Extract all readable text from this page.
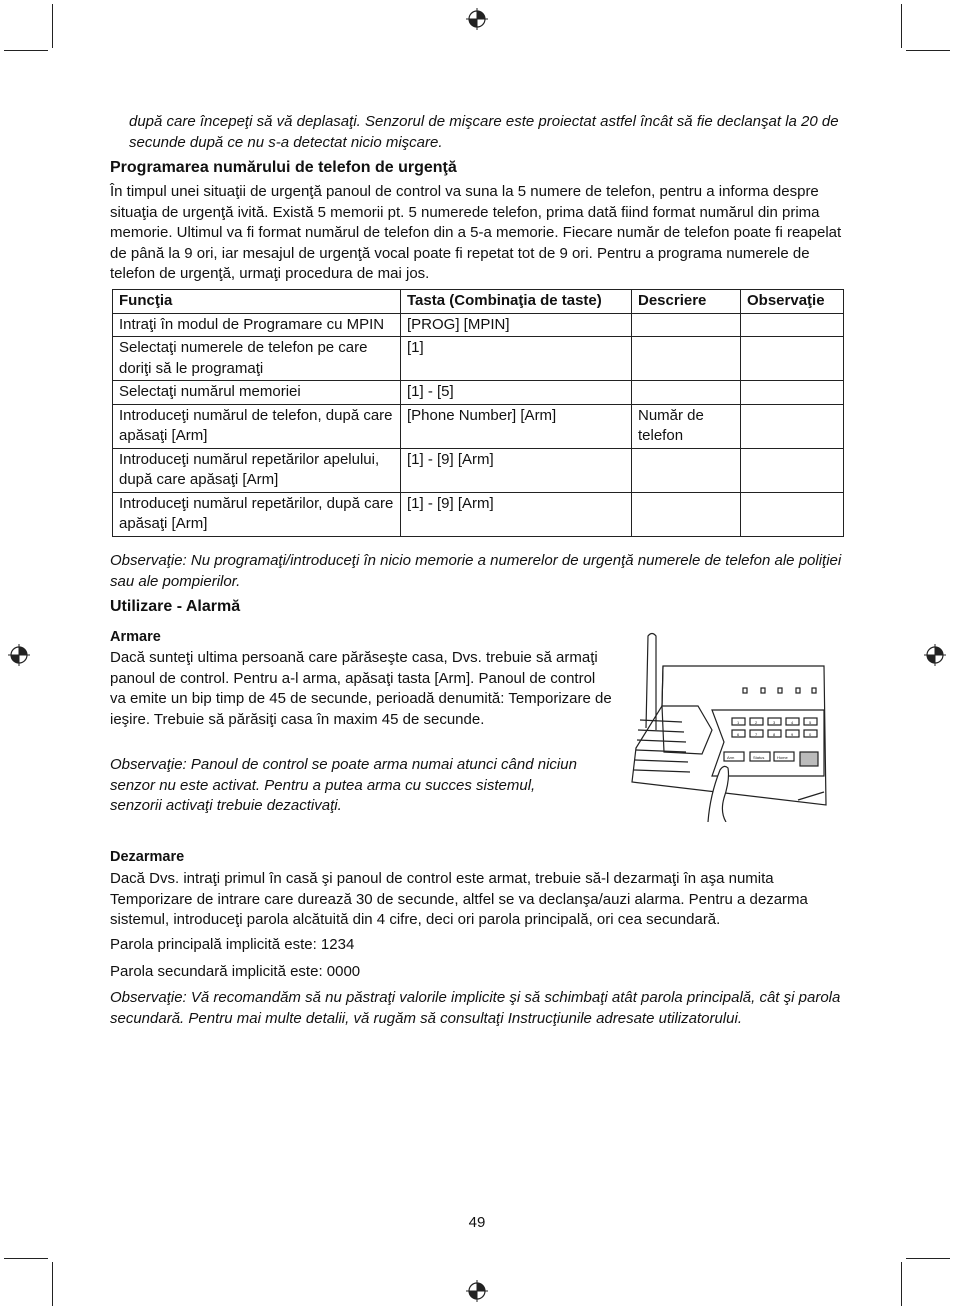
după care începeţi să vă deplasaţi. Senzorul de mişcare este proiectat astfel încât să fie declanşat la 20 de secunde după ce nu s-a detectat nicio mişcare.

Programarea numărului de telefon de urgenţă

În timpul unei situaţii de urgenţă panoul de control va suna la 5 numere de telefon, pentru a informa despre situaţia de urgenţă ivită. Există 5 memorii pt. 5 numerede telefon, prima dată fiind format numărul din prima memorie. Ultimul va fi format numărul de telefon din a 5-a memorie. Fiecare număr de telefon poate fi reapelat de până la 9 ori, iar mesajul de urgenţă vocal poate fi repetat tot de 9 ori. Pentru a programa numerele de telefon de urgenţă, urmaţi procedura de mai jos.

Funcţia	Tasta (Combinaţia de taste)	Descriere	Observaţie
Intraţi în modul de Programare cu MPIN	[PROG] [MPIN]		
Selectaţi numerele de telefon pe care doriţi să le programaţi	[1]		
Selectaţi numărul memoriei	[1] - [5]		
Introduceţi numărul de telefon, după care apăsaţi [Arm]	[Phone Number] [Arm]	Număr de telefon	
Introduceţi numărul repetărilor apelului, după care apăsaţi [Arm]	[1] - [9] [Arm]		
Introduceţi numărul repetărilor, după care apăsaţi [Arm]	[1] - [9] [Arm]		

Observaţie: Nu programaţi/introduceţi în nicio memorie a numerelor de urgenţă numerele de telefon ale poliţiei sau ale pompierilor.

Utilizare - Alarmă
Armare

Dacă sunteţi ultima persoană care părăseşte casa, Dvs. trebuie să armaţi panoul de control. Pentru a-l arma, apăsaţi tasta [Arm]. Panoul de control va emite un bip timp de 45 de secunde, perioadă denumită: Temporizare de ieşire. Trebuie să părăsiţi casa în maxim 45 de secunde.

Observaţie: Panoul de control se poate arma numai atunci când niciun senzor nu este activat. Pentru a putea arma cu succes sistemul, senzorii activaţi trebuie dezactivaţi.

Arm	Status	Home
1	2	3	4	5
6	7	8	9	0
Dezarmare

Dacă Dvs. intraţi primul în casă şi panoul de control este armat, trebuie să-l dezarmaţi în aşa numita Temporizare de intrare care durează 30 de secunde, altfel se va declanşa/auzi alarma. Pentru a dezarma sistemul, introduceţi parola alcătuită din 4 cifre, deci ori parola principală, ori cea secundară.

Parola principală implicită este: 1234

Parola secundară implicită este: 0000

Observaţie: Vă recomandăm să nu păstraţi valorile implicite şi să schimbaţi atât parola principală, cât şi parola secundară. Pentru mai multe detalii, vă rugăm să consultaţi Instrucţiunile adresate utilizatorului.

49
